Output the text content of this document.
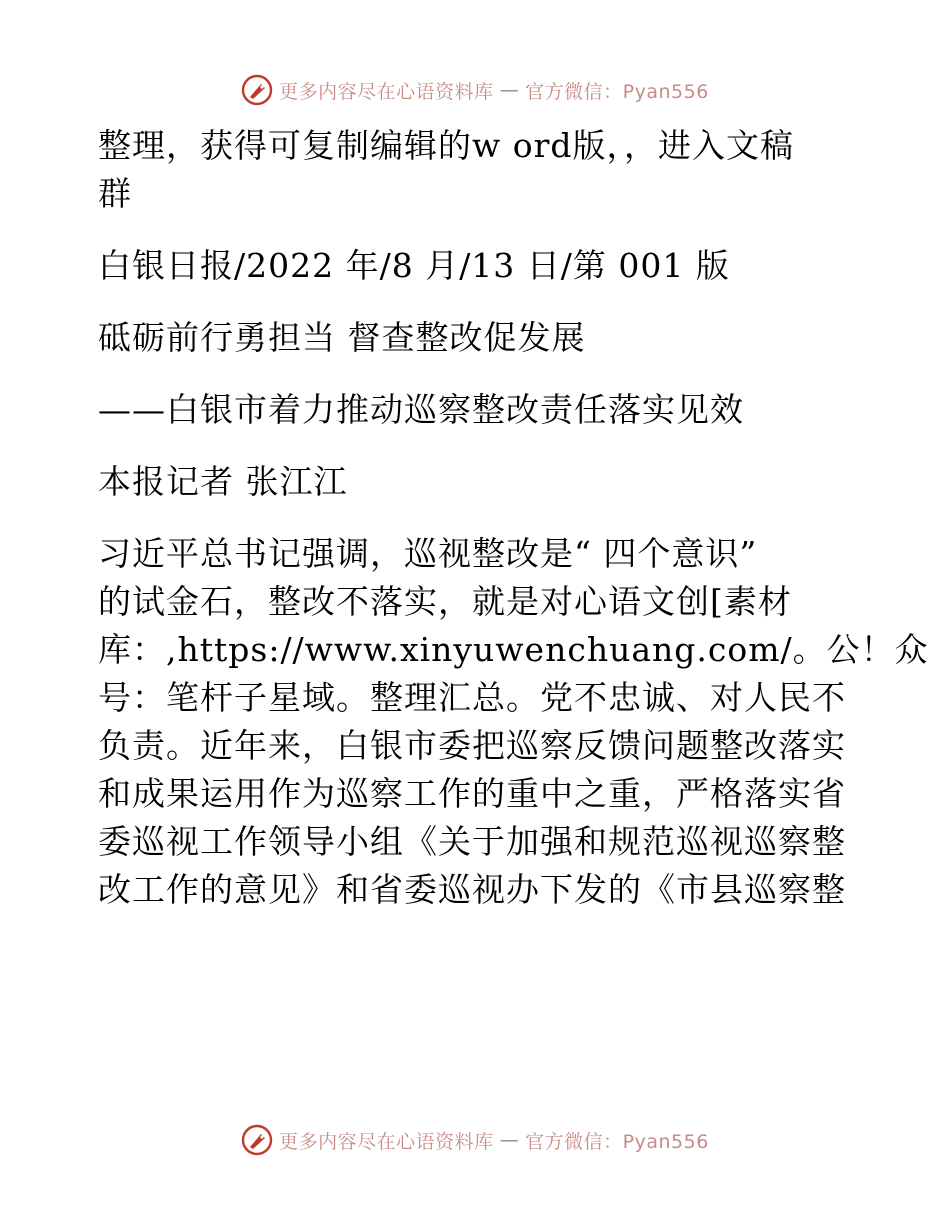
更多内容尽在心语资料库 — 官方微信：Pyan556
整理，获得可复制编辑的w ord版，，进入文稿
群
白银日报/2022 年/8 月/13 日/第 001 版
砥砺前行勇担当 督查整改促发展
——白银市着力推动巡察整改责任落实见效
本报记者 张江江
习近平总书记强调，巡视整改是“ 四个意识”
的试金石，整改不落实，就是对心语文创[素材
库：,https://www.xinyuwenchuang.com/。公！众
号：笔杆子星域。整理汇总。党不忠诚、对人民不
负责。近年来，白银市委把巡察反馈问题整改落实
和成果运用作为巡察工作的重中之重，严格落实省
委巡视工作领导小组《关于加强和规范巡视巡察整
改工作的意见》和省委巡视办下发的《市县巡察整
更多内容尽在心语资料库 — 官方微信：Pyan556
